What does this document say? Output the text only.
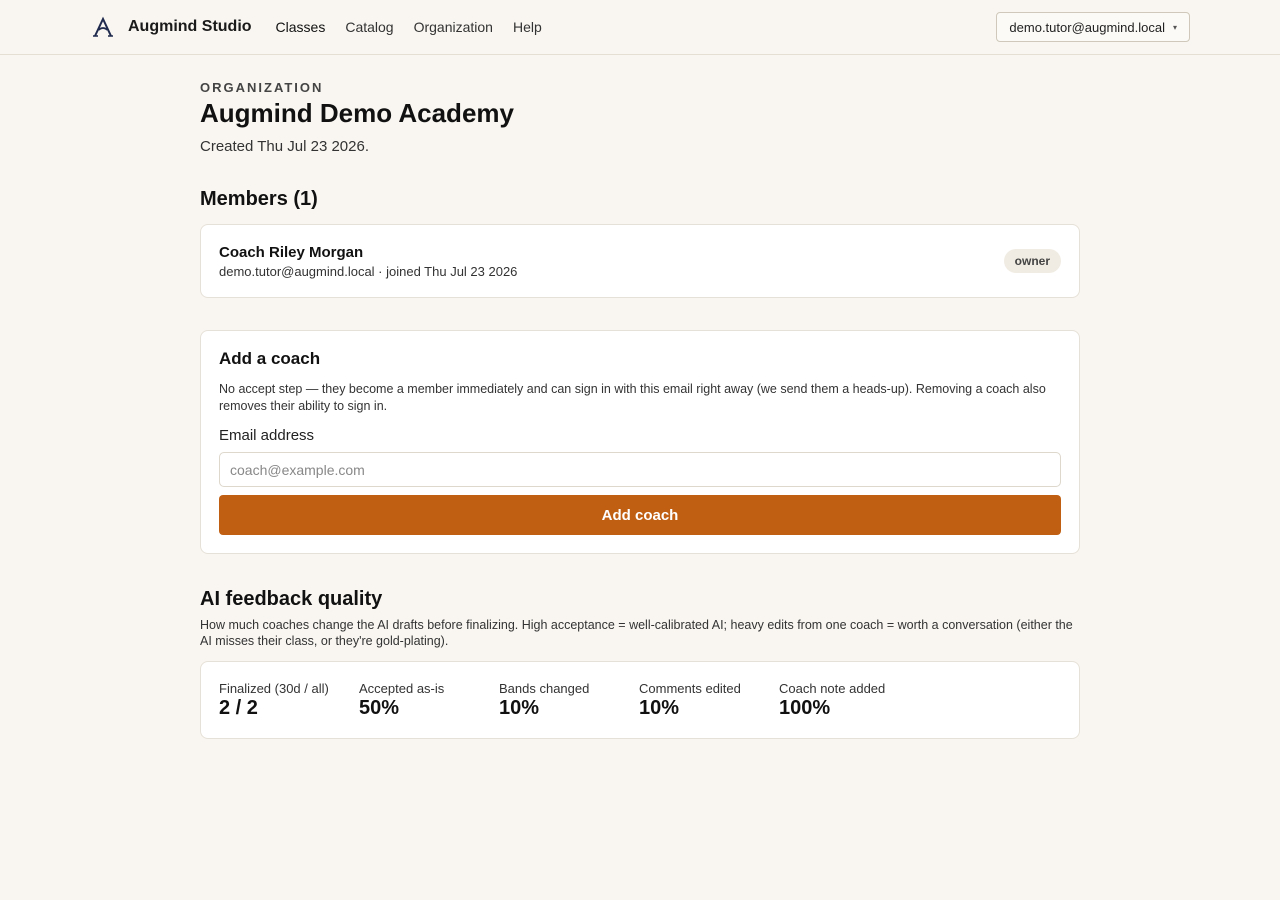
Augmind Studio Classes Catalog Organization Help	demo.tutor@augmind.local ▾
ORGANIZATION
Augmind Demo Academy

Created Thu Jul 23 2026.

Members (1)
Coach Riley Morgan
demo.tutor@augmind.local · joined Thu Jul 23 2026
owner
Add a coach

No accept step — they become a member immediately and can sign in with this email right away (we send them a heads-up). Removing a coach also removes their ability to sign in.

Email address
coach@example.com Add coach
AI feedback quality

How much coaches change the AI drafts before finalizing. High acceptance = well-calibrated AI; heavy edits from one coach = worth a conversation (either the AI misses their class, or they're gold-plating).

Finalized (30d / all)
2 / 2
Accepted as-is
50%
Bands changed
10%
Comments edited
10%
Coach note added
100%
